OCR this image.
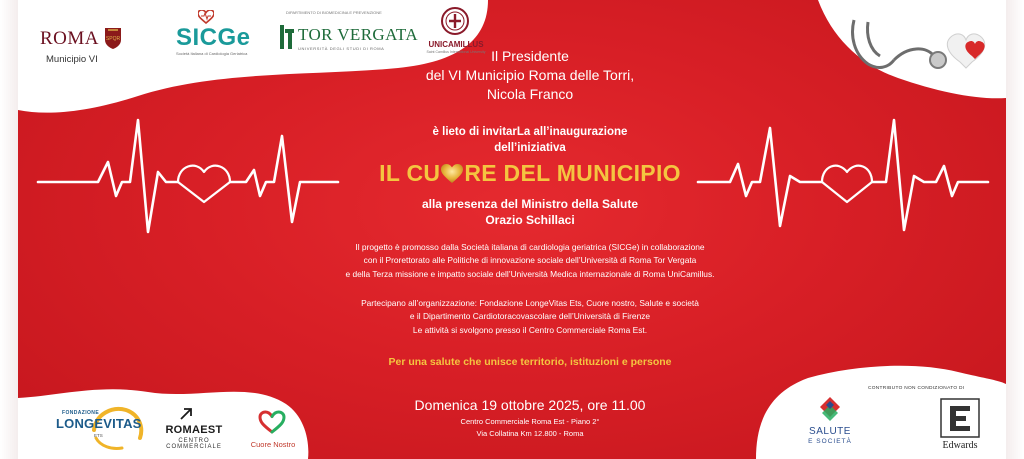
ROMA SPQR
Municipio VI
SICGe
Società Italiana di Cardiologia Geriatrica
DIPARTIMENTO DI BIOMEDICINA E PREVENZIONE
TOR VERGATA
UNIVERSITÀ DEGLI STUDI DI ROMA	UNICAMILLUS
Saint Camillus International University Il Presidente
del VI Municipio Roma delle Torri,
Nicola Franco
è lieto di invitarLa all’inaugurazione
dell’iniziativa
IL CU RE DEL MUNICIPIO
alla presenza del Ministro della Salute
Orazio Schillaci
Il progetto è promosso dalla Società italiana di cardiologia geriatrica (SICGe) in collaborazione
con il Prorettorato alle Politiche di innovazione sociale dell’Università di Roma Tor Vergata
e della Terza missione e impatto sociale dell’Università Medica internazionale di Roma UniCamillus.
Partecipano all’organizzazione: Fondazione LongeVitas Ets, Cuore nostro, Salute e società
e il Dipartimento Cardiotoracovascolare dell’Università di Firenze
Le attività si svolgono presso il Centro Commerciale Roma Est.
Per una salute che unisce territorio, istituzioni e persone
Domenica 19 ottobre 2025, ore 11.00
Centro Commerciale Roma Est - Piano 2°
Via Collatina Km 12.800 - Roma
FONDAZIONE
LONGEVITAS
ETS	ROMAEST
CENTRO COMMERCIALE	Cuore Nostro
SALUTE
E SOCIETÀ
CONTRIBUTO NON CONDIZIONATO DI
Edwards
